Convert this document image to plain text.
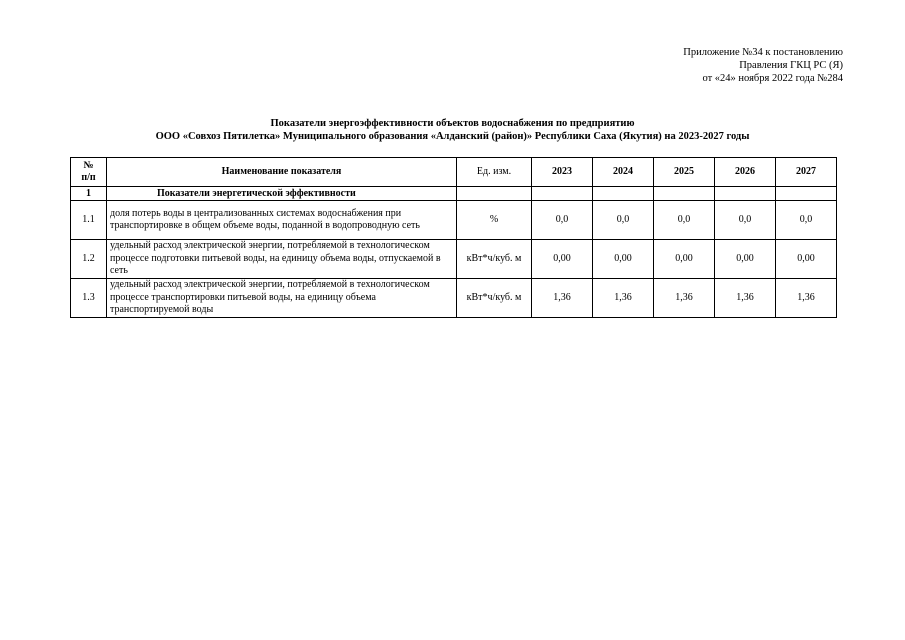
Приложение №34 к постановлению
Правления ГКЦ РС (Я)
от «24» ноября 2022 года №284
Показатели энергоэффективности объектов водоснабжения по предприятию
ООО «Совхоз Пятилетка» Муниципального образования «Алданский (район)» Республики Саха (Якутия) на 2023-2027 годы
№
п/п	Наименование показателя	Ед. изм.	2023	2024	2025	2026	2027
1	Показатели энергетической эффективности						
1.1	доля потерь воды в централизованных системах водоснабжения при транспортировке в общем объеме воды, поданной в водопроводную сеть	%	0,0	0,0	0,0	0,0	0,0
1.2	удельный расход электрической энергии, потребляемой в технологическом процессе подготовки питьевой воды, на единицу объема воды, отпускаемой в сеть	кВт*ч/куб. м	0,00	0,00	0,00	0,00	0,00
1.3	удельный расход электрической энергии, потребляемой в технологическом процессе транспортировки питьевой воды, на единицу объема транспортируемой воды	кВт*ч/куб. м	1,36	1,36	1,36	1,36	1,36
